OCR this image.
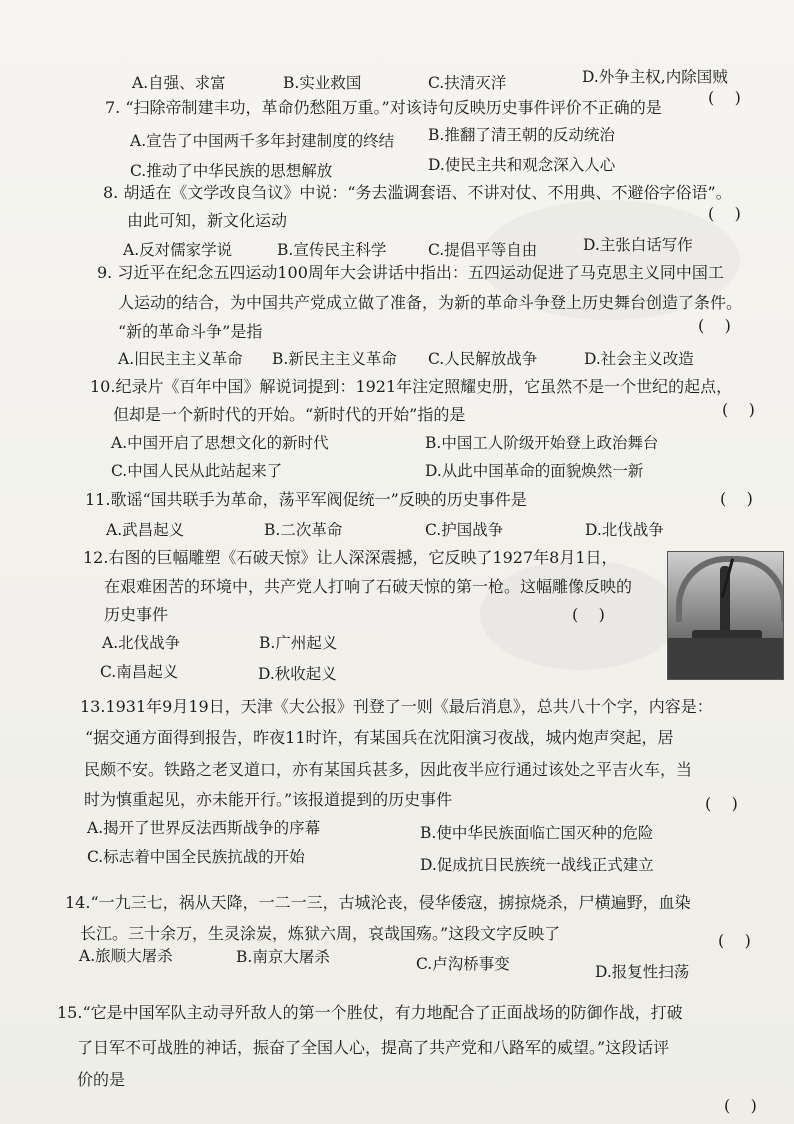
A.自强、求富	B.实业救国	C.扶清灭洋	D.外争主权,内除国贼
7. “扫除帝制建丰功，革命仍愁阻万重。”对该诗句反映历史事件评价不正确的是
(    )
A.宣告了中国两千多年封建制度的终结 B.推翻了清王朝的反动统治
C.推动了中华民族的思想解放	D.使民主共和观念深入人心
8. 胡适在《文学改良刍议》中说：“务去滥调套语、不讲对仗、不用典、不避俗字俗语”。
由此可知，新文化运动	(    )
A.反对儒家学说	B.宣传民主科学	C.提倡平等自由	D.主张白话写作
9. 习近平在纪念五四运动100周年大会讲话中指出：五四运动促进了马克思主义同中国工
人运动的结合，为中国共产党成立做了准备，为新的革命斗争登上历史舞台创造了条件。
“新的革命斗争”是指	(    )
A.旧民主主义革命 B.新民主主义革命 C.人民解放战争	D.社会主义改造
10.纪录片《百年中国》解说词提到：1921年注定照耀史册，它虽然不是一个世纪的起点，
但却是一个新时代的开始。“新时代的开始”指的是	(    )
A.中国开启了思想文化的新时代	B.中国工人阶级开始登上政治舞台
C.中国人民从此站起来了	D.从此中国革命的面貌焕然一新
11.歌谣“国共联手为革命，荡平军阀促统一”反映的历史事件是	(    )
A.武昌起义	B.二次革命	C.护国战争	D.北伐战争
12.右图的巨幅雕塑《石破天惊》让人深深震撼，它反映了1927年8月1日，
在艰难困苦的环境中，共产党人打响了石破天惊的第一枪。这幅雕像反映的
历史事件	(    )
A.北伐战争	B.广州起义
C.南昌起义	D.秋收起义
13.1931年9月19日，天津《大公报》刊登了一则《最后消息》，总共八十个字，内容是：
“据交通方面得到报告，昨夜11时许，有某国兵在沈阳演习夜战，城内炮声突起，居
民颇不安。铁路之老叉道口，亦有某国兵甚多，因此夜半应行通过该处之平吉火车，当
时为慎重起见，亦未能开行。”该报道提到的历史事件	(    )
A.揭开了世界反法西斯战争的序幕	B.使中华民族面临亡国灭种的危险
C.标志着中国全民族抗战的开始	D.促成抗日民族统一战线正式建立
14.“一九三七，祸从天降，一二一三，古城沦丧，侵华倭寇，掳掠烧杀，尸横遍野，血染
长江。三十余万，生灵涂炭，炼狱六周，哀哉国殇。”这段文字反映了	(    )
A.旅顺大屠杀	B.南京大屠杀	C.卢沟桥事变	D.报复性扫荡
15.“它是中国军队主动寻歼敌人的第一个胜仗，有力地配合了正面战场的防御作战，打破
了日军不可战胜的神话，振奋了全国人心，提高了共产党和八路军的威望。”这段话评
价的是
(    )
